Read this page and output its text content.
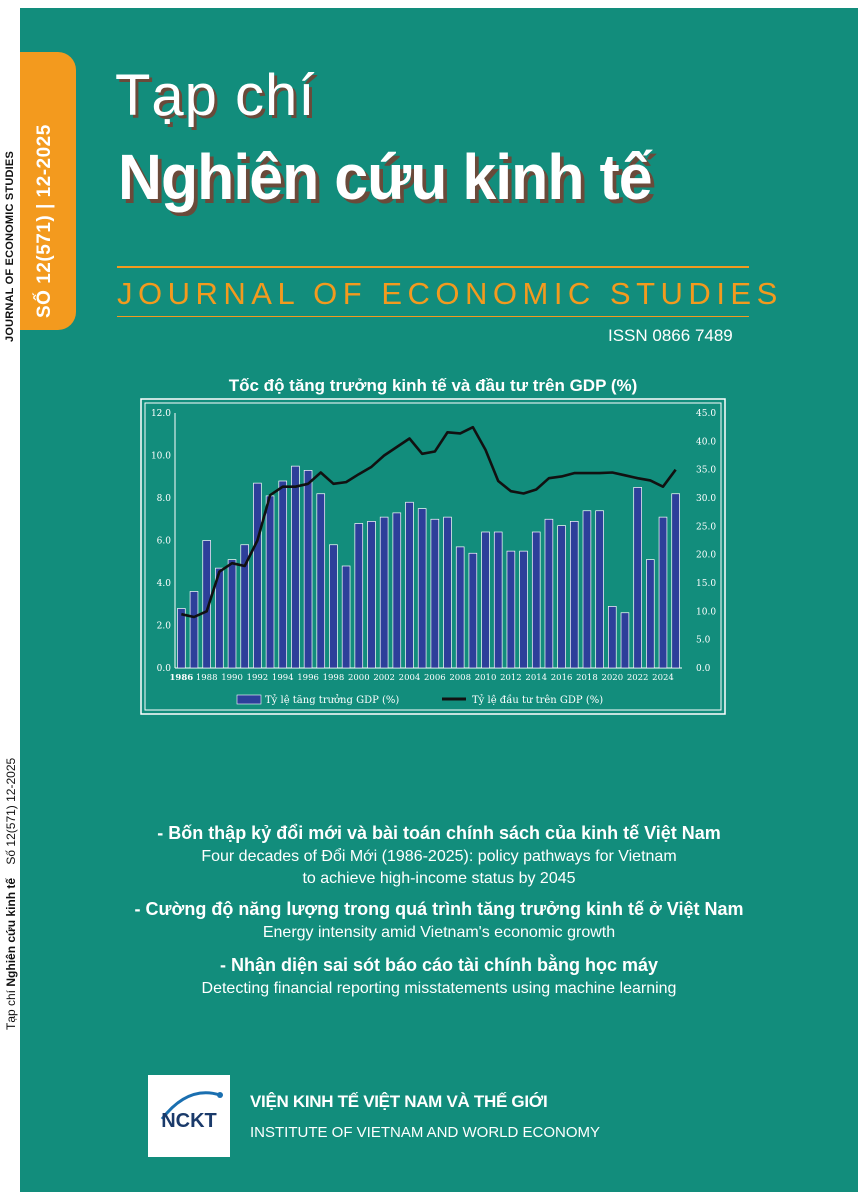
JOURNAL OF ECONOMIC STUDIES
Tạp chí Nghiên cứu kinh tế Số 12(571) 12-2025
SỐ 12(571) | 12-2025
Tạp chí
Nghiên cứu kinh tế
JOURNAL OF ECONOMIC STUDIES
ISSN 0866 7489
Tốc độ tăng trưởng kinh tế và đầu tư trên GDP (%)
0.0
2.0
4.0
6.0
8.0
10.0
12.0
0.0
5.0
10.0
15.0
20.0
25.0
30.0
35.0
40.0
45.0
1986 1988 1990 1992 1994 1996 1998 2000 2002 2004 2006 2008 2010 2012 2014 2016 2018 2020 2022 2024
Tỷ lệ tăng trưởng GDP (%)	Tỷ lệ đầu tư trên GDP (%)
- Bốn thập kỷ đổi mới và bài toán chính sách của kinh tế Việt Nam
Four decades of Đổi Mới (1986-2025): policy pathways for Vietnam
to achieve high-income status by 2045
- Cường độ năng lượng trong quá trình tăng trưởng kinh tế ở Việt Nam
Energy intensity amid Vietnam's economic growth
- Nhận diện sai sót báo cáo tài chính bằng học máy
Detecting financial reporting misstatements using machine learning
NCKT
VIỆN KINH TẾ VIỆT NAM VÀ THẾ GIỚI
INSTITUTE OF VIETNAM AND WORLD ECONOMY
